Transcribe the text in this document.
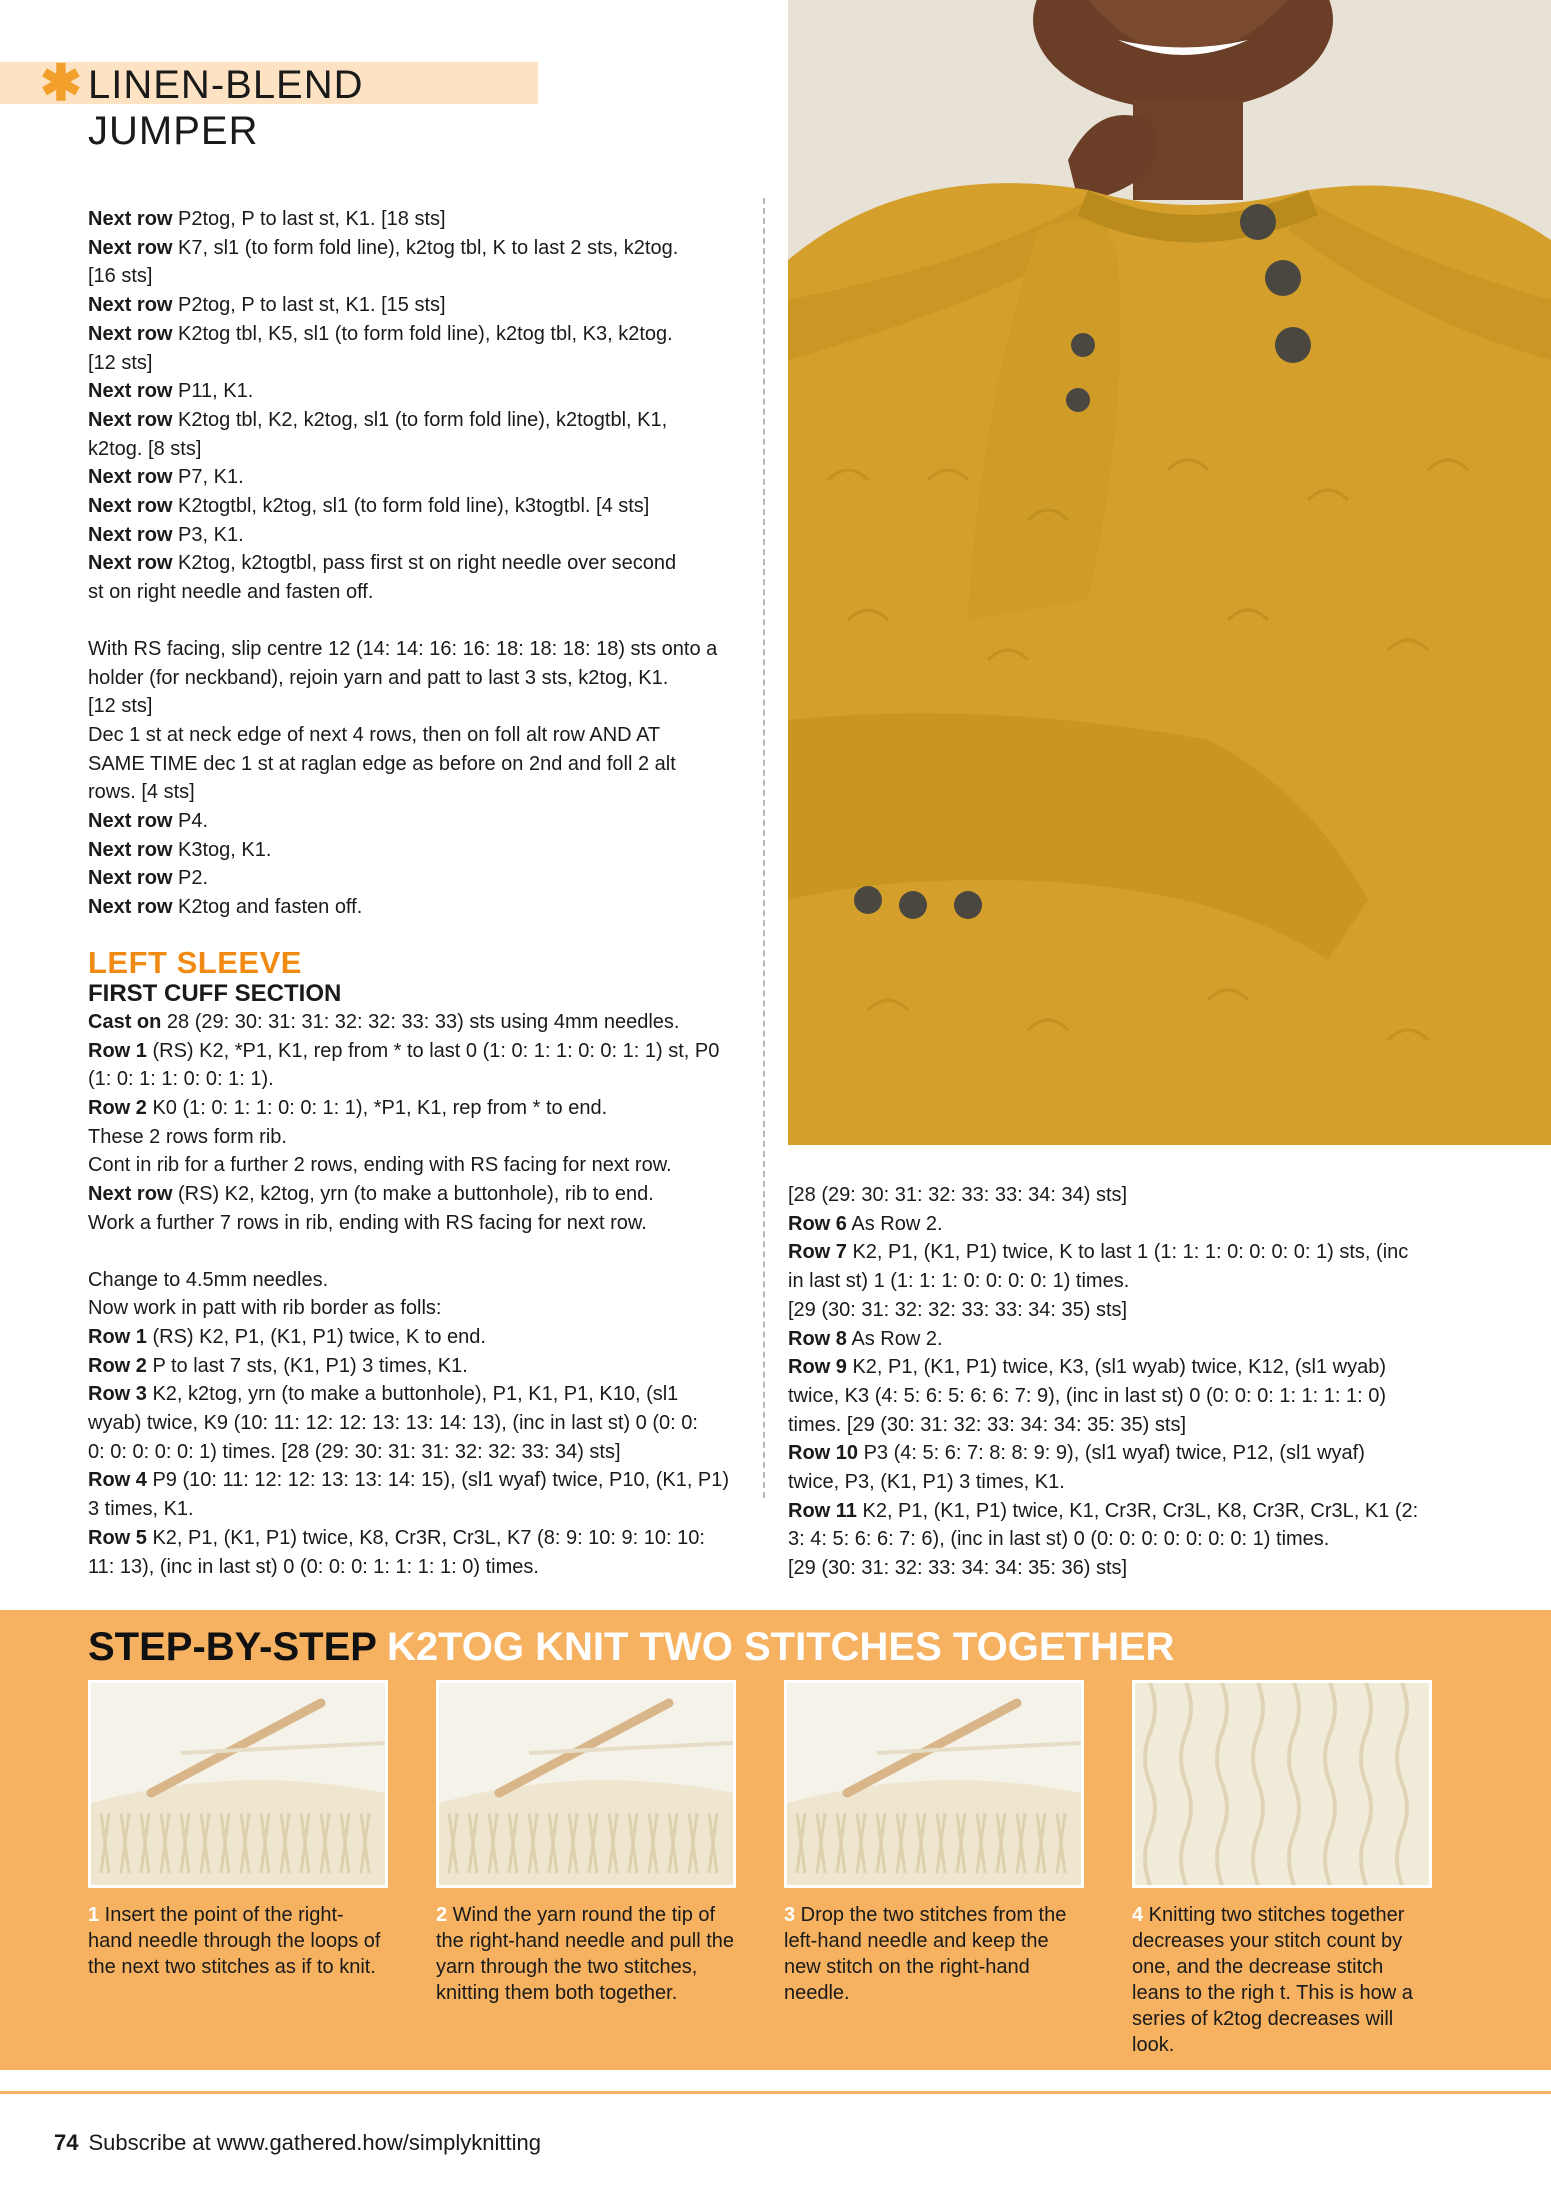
✱ LINEN-BLEND JUMPER

Next row P2tog, P to last st, K1. [18 sts]

Next row K7, sl1 (to form fold line), k2tog tbl, K to last 2 sts, k2tog.

[16 sts]

Next row P2tog, P to last st, K1. [15 sts]

Next row K2tog tbl, K5, sl1 (to form fold line), k2tog tbl, K3, k2tog.

[12 sts]

Next row P11, K1.

Next row K2tog tbl, K2, k2tog, sl1 (to form fold line), k2togtbl, K1,

k2tog. [8 sts]

Next row P7, K1.

Next row K2togtbl, k2tog, sl1 (to form fold line), k3togtbl. [4 sts]

Next row P3, K1.

Next row K2tog, k2togtbl, pass first st on right needle over second

st on right needle and fasten off.

With RS facing, slip centre 12 (14: 14: 16: 16: 18: 18: 18: 18) sts onto a

holder (for neckband), rejoin yarn and patt to last 3 sts, k2tog, K1.

[12 sts]

Dec 1 st at neck edge of next 4 rows, then on foll alt row AND AT

SAME TIME dec 1 st at raglan edge as before on 2nd and foll 2 alt

rows. [4 sts]

Next row P4.

Next row K3tog, K1.

Next row P2.

Next row K2tog and fasten off.

LEFT SLEEVE
FIRST CUFF SECTION

Cast on 28 (29: 30: 31: 31: 32: 32: 33: 33) sts using 4mm needles.

Row 1 (RS) K2, *P1, K1, rep from * to last 0 (1: 0: 1: 1: 0: 0: 1: 1) st, P0

(1: 0: 1: 1: 0: 0: 1: 1).

Row 2 K0 (1: 0: 1: 1: 0: 0: 1: 1), *P1, K1, rep from * to end.

These 2 rows form rib.

Cont in rib for a further 2 rows, ending with RS facing for next row.

Next row (RS) K2, k2tog, yrn (to make a buttonhole), rib to end.

Work a further 7 rows in rib, ending with RS facing for next row.

Change to 4.5mm needles.

Now work in patt with rib border as folls:

Row 1 (RS) K2, P1, (K1, P1) twice, K to end.

Row 2 P to last 7 sts, (K1, P1) 3 times, K1.

Row 3 K2, k2tog, yrn (to make a buttonhole), P1, K1, P1, K10, (sl1

wyab) twice, K9 (10: 11: 12: 12: 13: 13: 14: 13), (inc in last st) 0 (0: 0:

0: 0: 0: 0: 0: 1) times. [28 (29: 30: 31: 31: 32: 32: 33: 34) sts]

Row 4 P9 (10: 11: 12: 12: 13: 13: 14: 15), (sl1 wyaf) twice, P10, (K1, P1)

3 times, K1.

Row 5 K2, P1, (K1, P1) twice, K8, Cr3R, Cr3L, K7 (8: 9: 10: 9: 10: 10:

11: 13), (inc in last st) 0 (0: 0: 0: 1: 1: 1: 1: 0) times.

[28 (29: 30: 31: 32: 33: 33: 34: 34) sts]

Row 6 As Row 2.

Row 7 K2, P1, (K1, P1) twice, K to last 1 (1: 1: 1: 0: 0: 0: 0: 1) sts, (inc

in last st) 1 (1: 1: 1: 0: 0: 0: 0: 1) times.

[29 (30: 31: 32: 32: 33: 33: 34: 35) sts]

Row 8 As Row 2.

Row 9 K2, P1, (K1, P1) twice, K3, (sl1 wyab) twice, K12, (sl1 wyab)

twice, K3 (4: 5: 6: 5: 6: 6: 7: 9), (inc in last st) 0 (0: 0: 0: 1: 1: 1: 1: 0)

times. [29 (30: 31: 32: 33: 34: 34: 35: 35) sts]

Row 10 P3 (4: 5: 6: 7: 8: 8: 9: 9), (sl1 wyaf) twice, P12, (sl1 wyaf)

twice, P3, (K1, P1) 3 times, K1.

Row 11 K2, P1, (K1, P1) twice, K1, Cr3R, Cr3L, K8, Cr3R, Cr3L, K1 (2:

3: 4: 5: 6: 6: 7: 6), (inc in last st) 0 (0: 0: 0: 0: 0: 0: 0: 1) times.

[29 (30: 31: 32: 33: 34: 34: 35: 36) sts]

STEP-BY-STEP K2TOG KNIT TWO STITCHES TOGETHER
1 Insert the point of the right-hand needle through the loops of the next two stitches as if to knit.
2 Wind the yarn round the tip of the right-hand needle and pull the yarn through the two stitches, knitting them both together.
3 Drop the two stitches from the left-hand needle and keep the new stitch on the right-hand needle.
4 Knitting two stitches together decreases your stitch count by one, and the decrease stitch leans to the righ t. This is how a series of k2tog decreases will look.
74 Subscribe at www.gathered.how/simplyknitting
